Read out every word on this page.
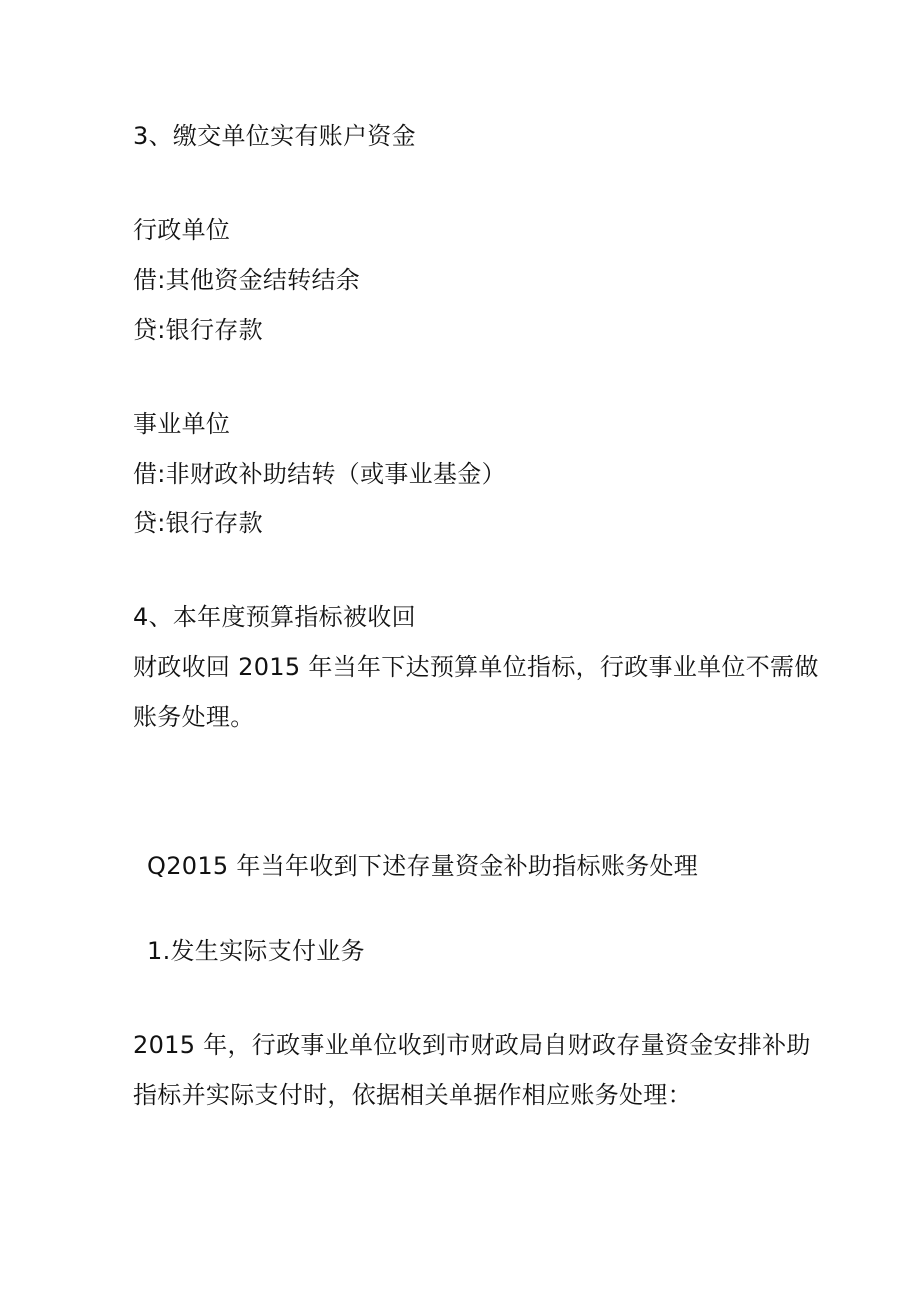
3、缴交单位实有账户资金
行政单位
借:其他资金结转结余
贷:银行存款
事业单位
借:非财政补助结转（或事业基金）
贷:银行存款
4、本年度预算指标被收回
财政收回 2015 年当年下达预算单位指标，行政事业单位不需做
账务处理。
Q2015 年当年收到下述存量资金补助指标账务处理
1.发生实际支付业务
2015 年，行政事业单位收到市财政局自财政存量资金安排补助
指标并实际支付时，依据相关单据作相应账务处理：
